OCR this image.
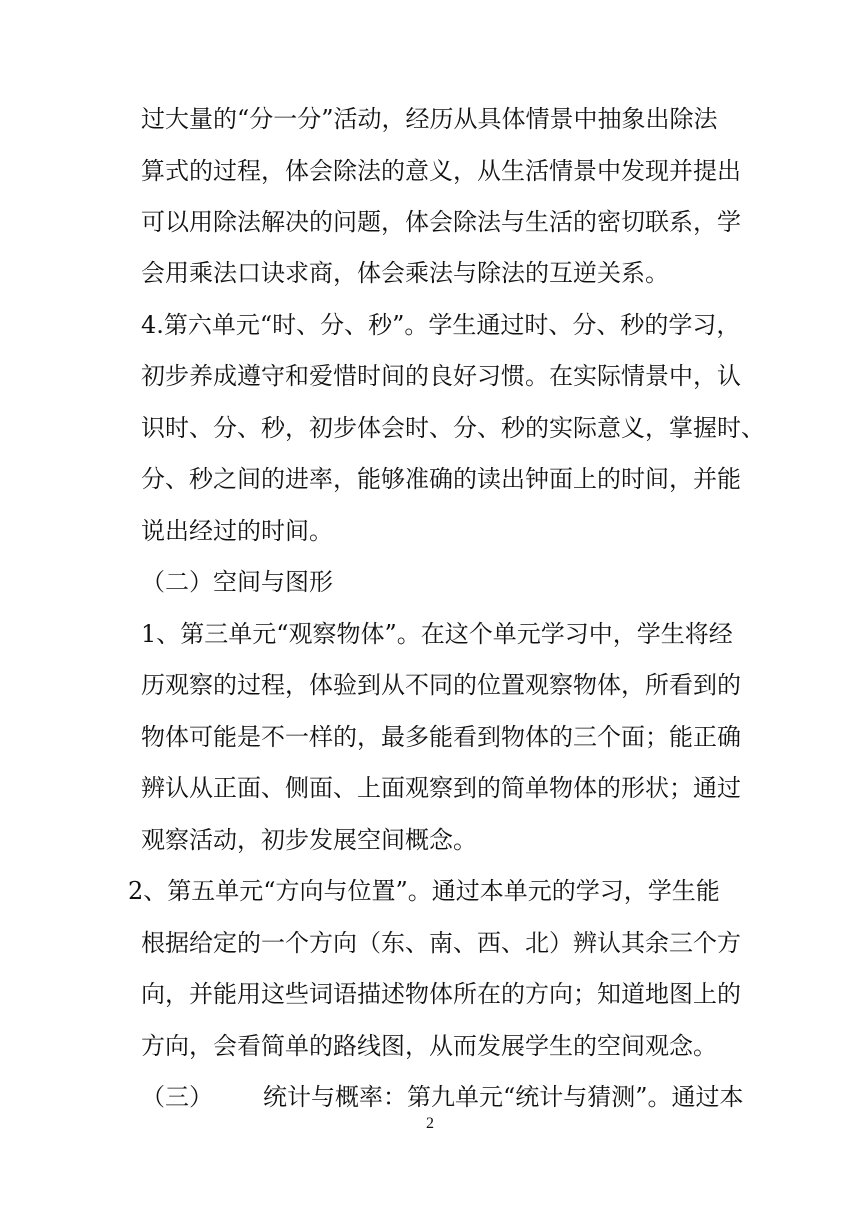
过大量的“分一分”活动，经历从具体情景中抽象出除法
算式的过程，体会除法的意义，从生活情景中发现并提出
可以用除法解决的问题，体会除法与生活的密切联系，学
会用乘法口诀求商，体会乘法与除法的互逆关系。
4.第六单元“时、分、秒”。学生通过时、分、秒的学习，
初步养成遵守和爱惜时间的良好习惯。在实际情景中，认
识时、分、秒，初步体会时、分、秒的实际意义，掌握时、
分、秒之间的进率，能够准确的读出钟面上的时间，并能
说出经过的时间。
（二）空间与图形
1、第三单元“观察物体”。在这个单元学习中，学生将经
历观察的过程，体验到从不同的位置观察物体，所看到的
物体可能是不一样的，最多能看到物体的三个面；能正确
辨认从正面、侧面、上面观察到的简单物体的形状；通过
观察活动，初步发展空间概念。
2、第五单元“方向与位置”。通过本单元的学习，学生能
根据给定的一个方向（东、南、西、北）辨认其余三个方
向，并能用这些词语描述物体所在的方向；知道地图上的
方向，会看简单的路线图，从而发展学生的空间观念。
（三） 统计与概率：第九单元“统计与猜测”。通过本
2
